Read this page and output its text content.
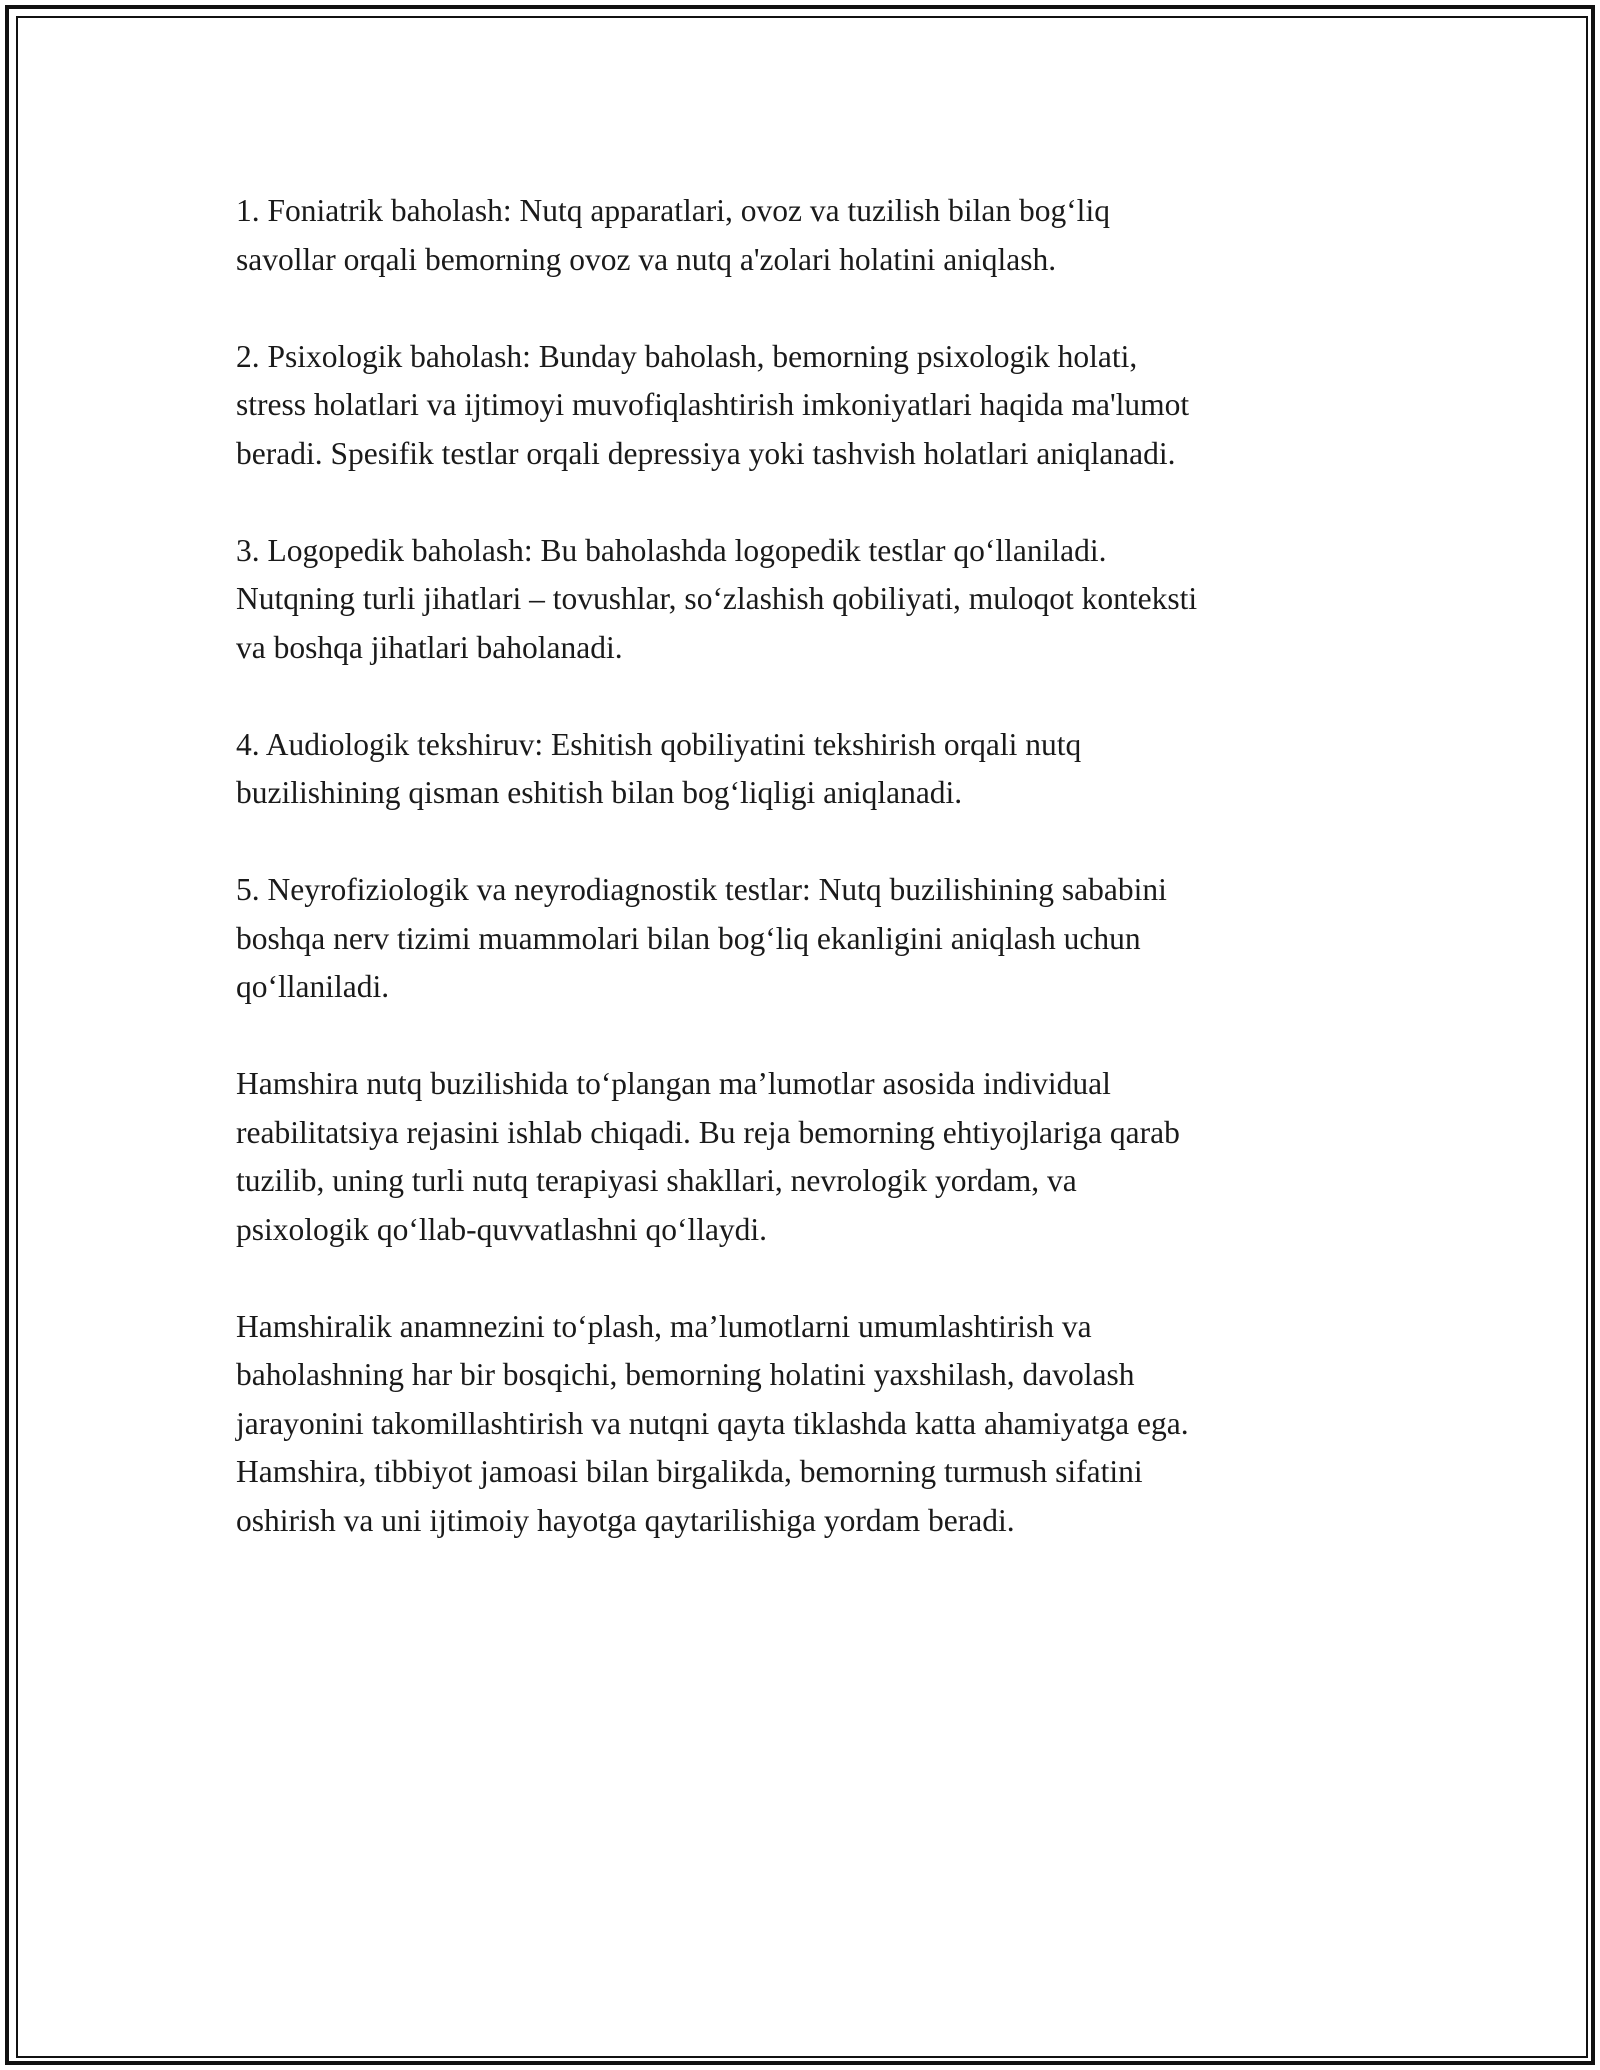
1. Foniatrik baholash: Nutq apparatlari, ovoz va tuzilish bilan bog‘liq
savollar orqali bemorning ovoz va nutq a'zolari holatini aniqlash.

2. Psixologik baholash: Bunday baholash, bemorning psixologik holati,
stress holatlari va ijtimoyi muvofiqlashtirish imkoniyatlari haqida ma'lumot
beradi. Spesifik testlar orqali depressiya yoki tashvish holatlari aniqlanadi.

3. Logopedik baholash: Bu baholashda logopedik testlar qo‘llaniladi.
Nutqning turli jihatlari – tovushlar, so‘zlashish qobiliyati, muloqot konteksti
va boshqa jihatlari baholanadi.

4. Audiologik tekshiruv: Eshitish qobiliyatini tekshirish orqali nutq
buzilishining qisman eshitish bilan bog‘liqligi aniqlanadi.

5. Neyrofiziologik va neyrodiagnostik testlar: Nutq buzilishining sababini
boshqa nerv tizimi muammolari bilan bog‘liq ekanligini aniqlash uchun
qo‘llaniladi.

Hamshira nutq buzilishida to‘plangan ma’lumotlar asosida individual
reabilitatsiya rejasini ishlab chiqadi. Bu reja bemorning ehtiyojlariga qarab
tuzilib, uning turli nutq terapiyasi shakllari, nevrologik yordam, va
psixologik qo‘llab-quvvatlashni qo‘llaydi.

Hamshiralik anamnezini to‘plash, ma’lumotlarni umumlashtirish va
baholashning har bir bosqichi, bemorning holatini yaxshilash, davolash
jarayonini takomillashtirish va nutqni qayta tiklashda katta ahamiyatga ega.
Hamshira, tibbiyot jamoasi bilan birgalikda, bemorning turmush sifatini
oshirish va uni ijtimoiy hayotga qaytarilishiga yordam beradi.
